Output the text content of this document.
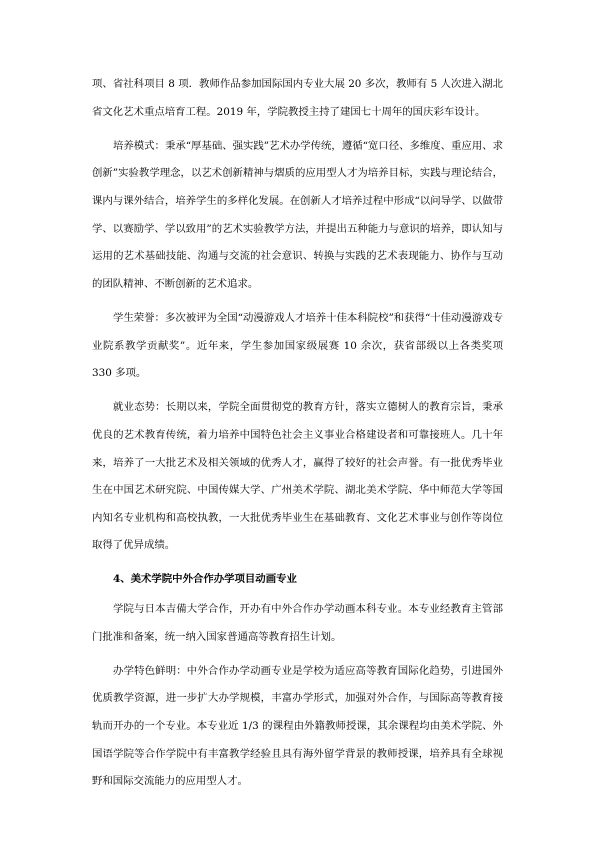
项、省社科项目 8 项．教师作品参加国际国内专业大展 20 多次，教师有 5 人次进入湖北省文化艺术重点培育工程。2019 年，学院教授主持了建国七十周年的国庆彩车设计。

培养模式：秉承“厚基础、强实践”艺术办学传统，遵循“宽口径、多维度、重应用、求创新”实验教学理念，以艺术创新精神与熠质的应用型人才为培养目标，实践与理论结合，课内与课外结合，培养学生的多样化发展。在创新人才培养过程中形成“以问导学、以做带学、以赛励学、学以致用”的艺术实验教学方法，并提出五种能力与意识的培养，即认知与运用的艺术基础技能、沟通与交流的社会意识、转换与实践的艺术表现能力、协作与互动的团队精神、不断创新的艺术追求。

学生荣誉：多次被评为全国“动漫游戏人才培养十佳本科院校”和获得“十佳动漫游戏专业院系教学贡献奖”。近年来，学生参加国家级展赛 10 余次，获省部级以上各类奖项 330 多项。

就业态势：长期以来，学院全面贯彻党的教育方针，落实立德树人的教育宗旨，秉承优良的艺术教育传统，着力培养中国特色社会主义事业合格建设者和可靠接班人。几十年来，培养了一大批艺术及相关领域的优秀人才，赢得了较好的社会声誉。有一批优秀毕业生在中国艺术研究院、中国传媒大学、广州美术学院、湖北美术学院、华中师范大学等国内知名专业机构和高校执教，一大批优秀毕业生在基础教育、文化艺术事业与创作等岗位取得了优异成绩。

4、美术学院中外合作办学项目动画专业

学院与日本吉備大学合作，开办有中外合作办学动画本科专业。本专业经教育主管部门批准和备案，统一纳入国家普通高等教育招生计划。

办学特色鲜明：中外合作办学动画专业是学校为适应高等教育国际化趋势，引进国外优质教学资源，进一步扩大办学规模，丰富办学形式，加强对外合作，与国际高等教育接轨而开办的一个专业。本专业近 1/3 的课程由外籍教师授课，其余课程均由美术学院、外国语学院等合作学院中有丰富教学经验且具有海外留学背景的教师授课，培养具有全球视野和国际交流能力的应用型人才。
